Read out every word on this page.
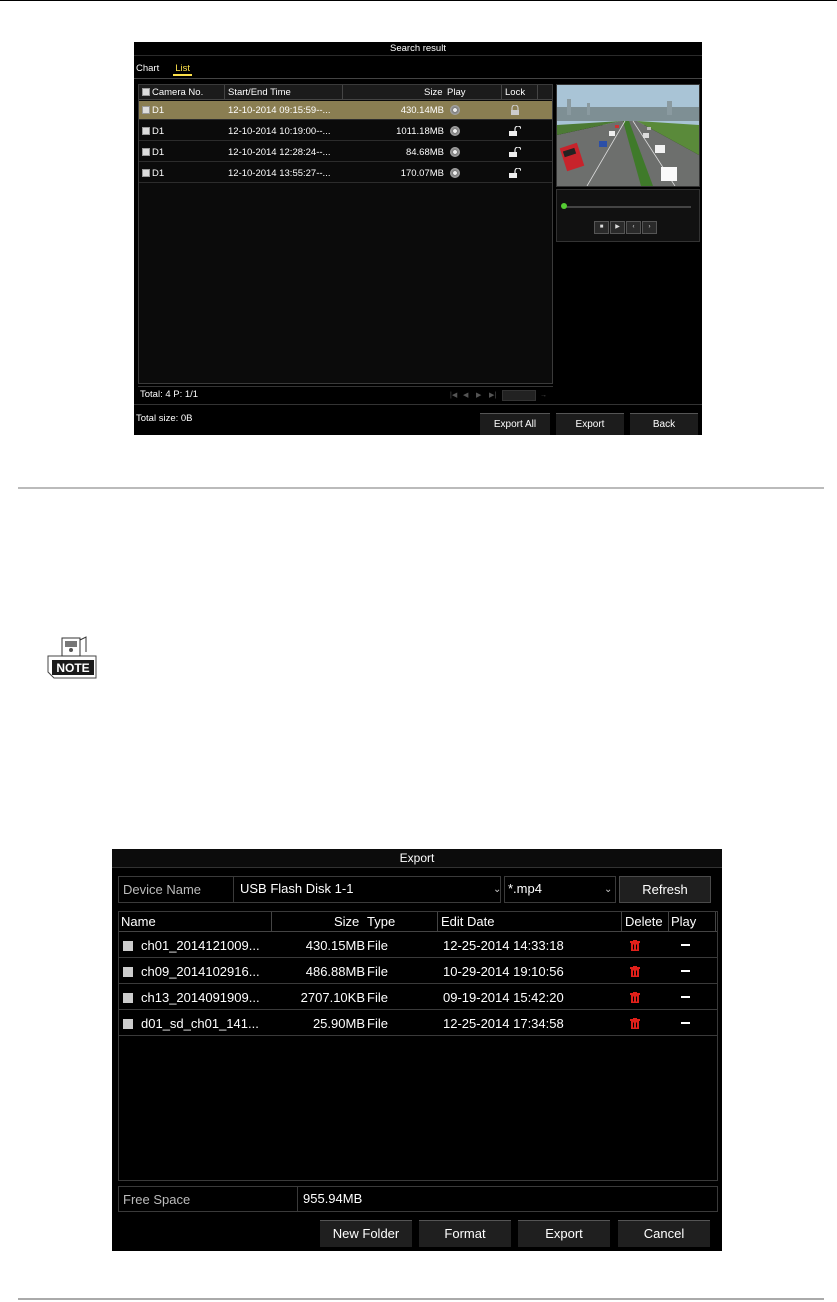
Search result
Chart List
Camera No.	Start/End Time	Size Play	Lock
D1	12-10-2014 09:15:59--...	430.14MB
D1	12-10-2014 10:19:00--...	1011.18MB
D1	12-10-2014 12:28:24--...	84.68MB
D1	12-10-2014 13:55:27--...	170.07MB
Total: 4 P: 1/1	|◀ ◀	▶	▶|	→
■	▶	‹	›
Total size: 0B
Export All	Export	Back
NOTE
Export
Device Name	USB Flash Disk 1-1	⌄ *.mp4	⌄	Refresh
Name	Size Type	Edit Date	Delete Play
ch01_2014121009...	430.15MB File	12-25-2014 14:33:18
ch09_2014102916...	486.88MB File	10-29-2014 19:10:56
ch13_2014091909...	2707.10KB File	09-19-2014 15:42:20
d01_sd_ch01_141...	25.90MB File	12-25-2014 17:34:58
Free Space	955.94MB
New Folder	Format	Export	Cancel
